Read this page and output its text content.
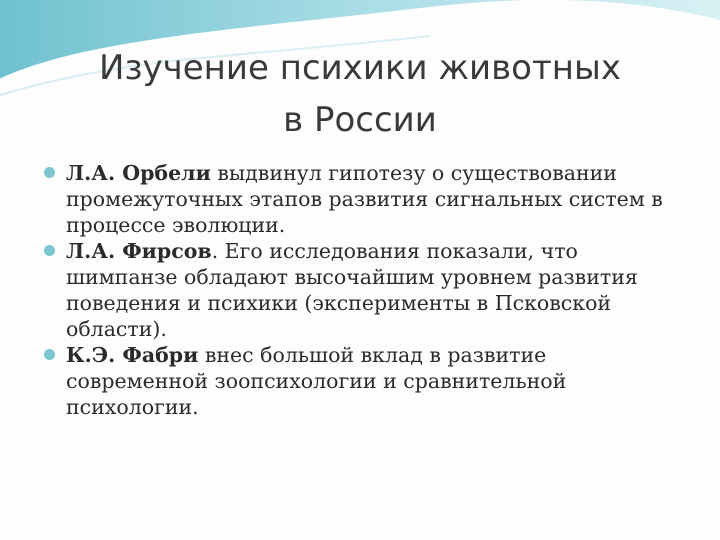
Изучение психики животных
в России
Л.А. Орбели выдвинул гипотезу о существовании промежуточных этапов развития сигнальных систем в процессе эволюции.
Л.А. Фирсов. Его исследования показали, что шимпанзе обладают высочайшим уровнем развития поведения и психики (эксперименты в Псковской области).
К.Э. Фабри внес большой вклад в развитие современной зоопсихологии и сравнительной психологии.
